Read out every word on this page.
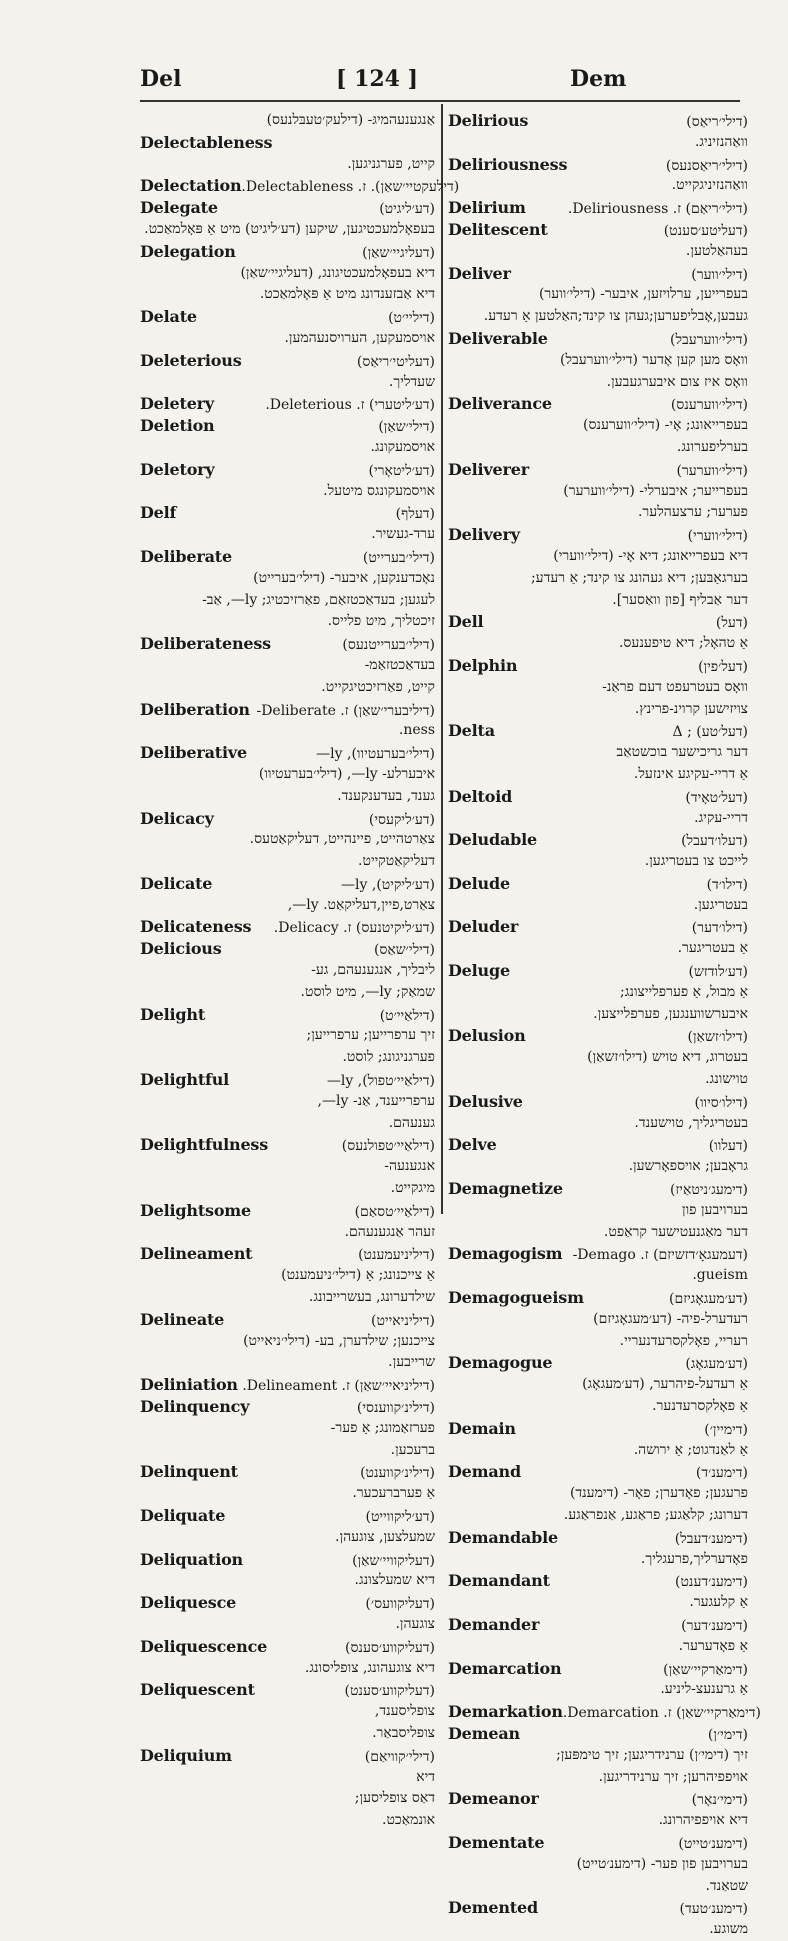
Del	[ 124 ]	Dem
אַנגענעהמיגּ- (דילעק׳טעבּלנעס)
Delectableness
קייט, פערגניגען.
Delectation (דילעקטיי׳שאַן). ז. Delectableness.
Delegate	(דע׳ליגיט)
בעפאָלמעכטיגען, שיקען (דע׳ליגיט) מיט אַ פּאָלמאַכט.
Delegation	(דעליגיי׳שאַן)
דיא בעפאָלמעכטיגונג, (דעליגיי׳שאַן)
דיא אַבזענדונג מיט אַ פּאָלמאַכט.
Delate	(דיליי׳ט)
אויסמעקען, הערויסנעהמען.
Deleterious	(דעליטי׳ריאַס)
שעדליך.
Deletery	(דע׳ליטערי) ז. Deleterious.
Deletion	(דילי׳שאַן)
אויסמעקונג.
Deletory	(דע׳ליטאָרי)
אויסמעקונגס מיטעל.
Delf	(דעלף)
ערד-געשיר.
Deliberate	(דילי׳בערייט)
נאָכדענקען, איבער- (דילי׳בערייט)
לעגען; בעדאַכטזאַם, פאַרזיכטיג; ly—, אַב-
זיכטליך, מיט פלייס.
Deliberateness	(דילי׳בערייטנעס)
בעדאַכטזאַמ-
קייט, פאַרזיכטיגקייט.
Deliberation (דיליבערי׳שאַן) ז. Deliberate-
ness.
Deliberative	(דילי׳בערעטיוו), ly—
איבערלע- ly—, (דילי׳בערעטיוו)
גענד, בעדענקענד.
Delicacy	(דע׳ליקעסי)
צאַרטהייט, פיינהייט, דעליקאַטעס.
דעליקאַטקייט.
Delicate	(דע׳ליקיט), ly—
צאַרט,פיין,דעליקאַט. ly—,
Delicateness (דע׳ליקיטנעס) ז. Delicacy.
Delicious	(דילי׳שאַס)
ליבליך, אנגענעהם, גע-
שמאַק; ly—, מיט לוסט.
Delight	(דילאַיי׳ט)
זיך ערפרייען; ערפרייען;
פערגניגונג; לוסט.
Delightful	(דילאַיי׳טפול), ly—
ערפרייענד, אַנ- ly—,
גענעהם.
Delightfulness	(דילאַיי׳טפולנעס)
אנגענעה-
מיגקייט.
Delightsome	(דילאַיי׳טסאַם)
זעהר אַנגענעהם.
Delineament	(דיליניעמענט)
אַ צייכנונג; אַ (דילי׳ניעמענט)
שילדערונג, בעשרייבונג.
Delineate	(דיליניאייט)
צייכנען; שילדערן, בע- (דילי׳ניאייט)
שרייבען.
Deliniation (דיליניאיי׳שאַן) ז. Delineament.
Delinquency	(דילינ׳קווענסי)
פערזאַמונג; אַ פער-
ברעכען.
Delinquent	(דילינ׳קווענט)
אַ פערברעכער.
Deliquate	(דע׳ליקווייט)
שמעלצען, צוגעהן.
Deliquation	(דעליקוויי׳שאַן)
דיא שמעלצונג.
Deliquesce	(דעליקוועס׳)
צוגעהן.
Deliquescence	(דעליקווע׳סענס)
דיא צוגעהונג, צופליסונג.
Deliquescent	(דעליקווע׳סענט)
צופליסענד,
צופליסבאַר.
Deliquium	(דילי׳קוויאַם)
דיא
דאַס צופליסען;
אונמאַכט.
Delirious	(דילי׳ריאַס)
וואַהנזיניג.
Deliriousness	(דילי׳ריאַסנעס)
וואַהנזיניגקייט.
Delirium	(דילי׳ריאַם) ז. Deliriousness.
Delitescent	(דעליטע׳סענט)
בעהאַלטען.
Deliver	(דילי׳ווער)
בעפרייען, ערלויזען, איבער- (דילי׳ווער)
געבען,אָבליפערען;געהן צו קינד;האַלטען אַ רעדע.
Deliverable	(דילי׳ווערעבל)
וואָס מען קען אָדער (דילי׳ווערעבל)
וואָס איז צום איבערגעבען.
Deliverance	(דילי׳ווערענס)
בעפרייאונג; אָי- (דילי׳ווערענס)
בערליפערונג.
Deliverer	(דילי׳ווערער)
בעפרייער; איבערלי- (דילי׳ווערער)
פערער; ערצעהלער.
Delivery	(דילי׳ווערי)
דיא בעפרייאונג; דיא אָי- (דילי׳ווערי)
בערגאַבּען; דיא געהונג צו קינד; אַ רעדע;
דער אַבליף [פון וואַסער].
Dell	(דעל)
אַ טהאָל; דיא טיפענעס.
Delphin	(דעל׳פין)
וואָס בעטרעפט דעם פראַנ-
צויזישען קרוינ-פרינץ.
Delta	(דעל׳טע) ; Δ
דער גריכישער בוכשטאַב
אַ דריי-עקיגע אינזעל.
Deltoid	(דעל׳טאָיד)
דריי-עקיג.
Deludable	(דעלו׳דעבל)
לייכט צו בעטריגען.
Delude	(דילו׳ד)
בעטריגען.
Deluder	(דילו׳דער)
אַ בעטריגער.
Deluge	(דע׳לודזש)
אַ מבול, אַ פערפלייצונג;
איבערשווענגען, פערפלייצען.
Delusion	(דילו׳זשאַן)
בעטרוג, דיא טויש (דילו׳זשאַן)
טוישונג.
Delusive	(דילו׳סיוו)
בעטריגליך, טוישענד.
Delve	(דעלוו)
גראָבען; אויספאָרשען.
Demagnetize	(דימעג׳ניטאַיז)
בערויבען פון
דער מאַגנעטישער קראַפט.
Demagogism (דעמעגאָ׳דזשיזם) ז. Demago-
gueism.
Demagogueism	(דע׳מעגאָגיזם)
רעדערל-פיה- (דע׳מעגאָגיזם)
רעריי, פאָלקסרעדנעריי.
Demagogue	(דע׳מעגאָג)
אַ רעדעל-פיהרער, (דע׳מעגאָג)
אַ פאָלקסרעדנער.
Demain	(דימיין׳)
אַ לאַנדגוט; אַ ירושה.
Demand	(דימענ׳ד)
פרעגען; פאָדערן; פאָר- (דימענד)
דערונג; קלאַגע; פראַגע, אַנפראַגע.
Demandable	(דימענ׳דעבל)
פאָדערליך,פרעגליך.
Demandant	(דימענ׳דענט)
אַ קלעגער.
Demander	(דימענ׳דער)
אַ פאָדערער.
Demarcation	(דימאַרקיי׳שאַן)
אַ גרענעצ-ליניע.
Demarkation (דימאַרקיי׳שאַן) ז. Demarcation.
Demean	(דימי׳ן)
זיך (דימי׳ן) ערנידריגען; זיך טימפּען;
אויפפיהרען; זיך ערנידריגען.
Demeanor	(דימי׳נאָר)
דיא אויפפיהרונג.
Dementate	(דימענ׳טייט)
בערויבען פון פער- (דימענ׳טייט)
שטאַנד.
Demented	(דימענ׳טעד)
משוגע.
